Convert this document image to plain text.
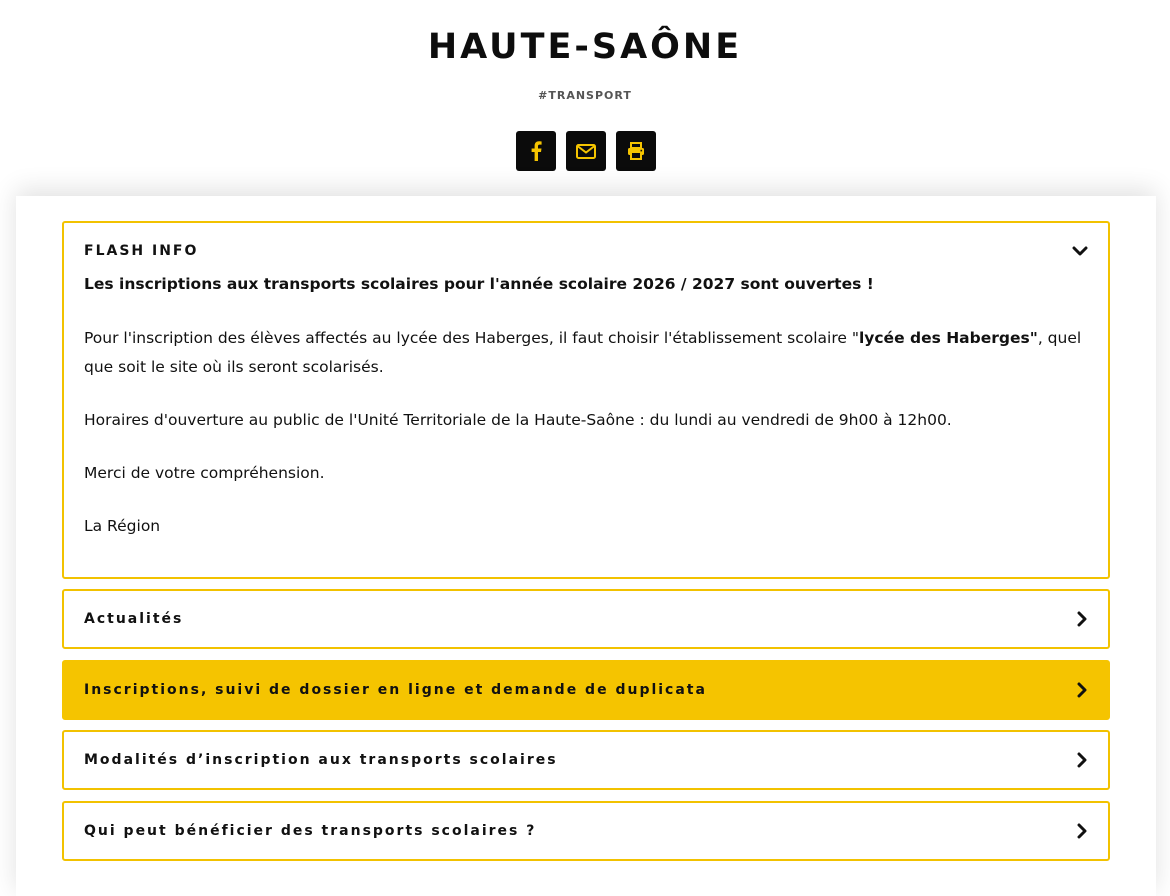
HAUTE-SAÔNE
#TRANSPORT
FLASH INFO

Les inscriptions aux transports scolaires pour l'année scolaire 2026 / 2027 sont ouvertes !

Pour l'inscription des élèves affectés au lycée des Haberges, il faut choisir l'établissement scolaire "lycée des Haberges", quel que soit le site où ils seront scolarisés.

Horaires d'ouverture au public de l'Unité Territoriale de la Haute-Saône : du lundi au vendredi de 9h00 à 12h00.

Merci de votre compréhension.

La Région

Actualités
Inscriptions, suivi de dossier en ligne et demande de duplicata
Modalités d’inscription aux transports scolaires
Qui peut bénéficier des transports scolaires ?
